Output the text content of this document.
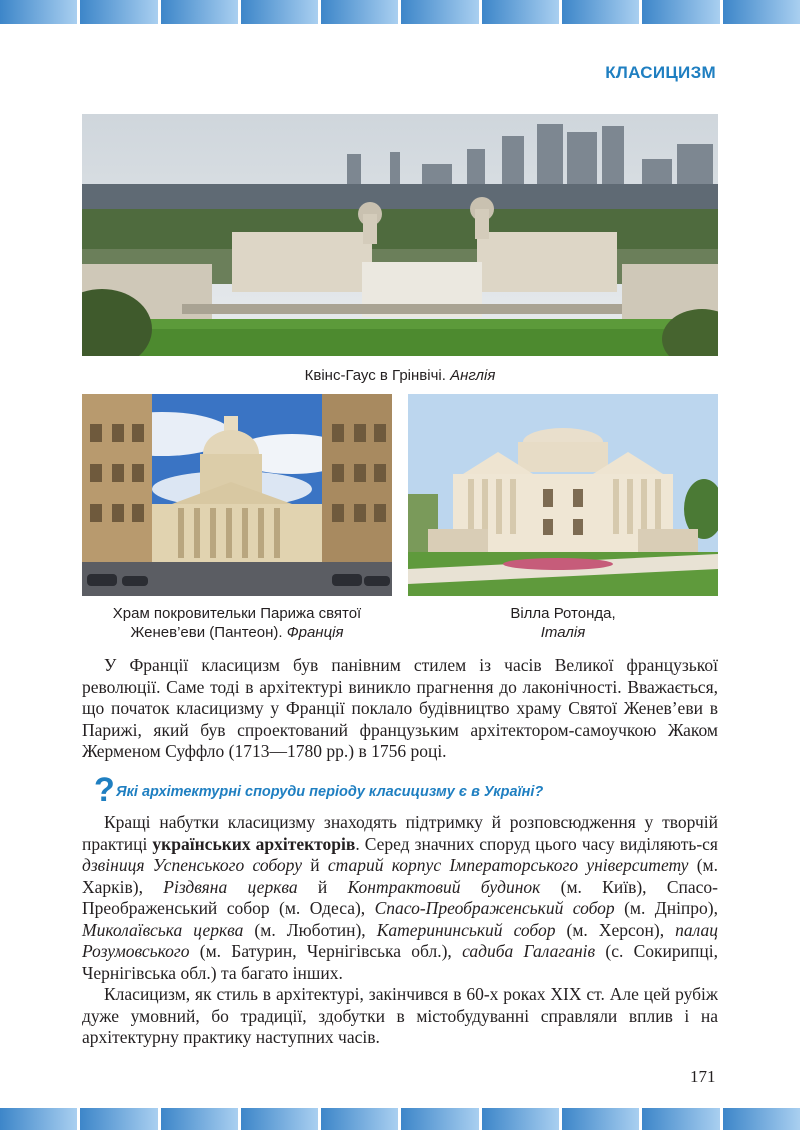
КЛАСИЦИЗМ
Квінс-Гаус в Грінвічі. Англія
Храм покровительки Парижа святої
Женев’еви (Пантеон). Франція
Вілла Ротонда,
Італія

У Франції класицизм був панівним стилем із часів Великої французької революції. Саме тоді в архітектурі виникло прагнення до лаконічності. Вважається, що початок класицизму у Франції поклало будівництво храму Святої Женев’еви в Парижі, який був спроектований французьким архітектором-самоучкою Жаком Жерменом Суффло (1713—1780 рр.) в 1756 році.

? Які архітектурні споруди періоду класицизму є в Україні?

Кращі набутки класицизму знаходять підтримку й розповсюдження у творчій практиці українських архітекторів. Серед значних споруд цього часу виділяють-ся дзвіниця Успенського собору й старий корпус Імператорського університету (м. Харків), Різдвяна церква й Контрактовий будинок (м. Київ), Спасо-Преображенський собор (м. Одеса), Спасо-Преображенський собор (м. Дніпро), Миколаївська церква (м. Люботин), Катерининський собор (м. Херсон), палац Розумовського (м. Батурин, Чернігівська обл.), садиба Галаганів (с. Сокирипці, Чернігівська обл.) та багато інших.

Класицизм, як стиль в архітектурі, закінчився в 60-х роках XIX ст. Але цей рубіж дуже умовний, бо традиції, здобутки в містобудуванні справляли вплив і на архітектурну практику наступних часів.

171
